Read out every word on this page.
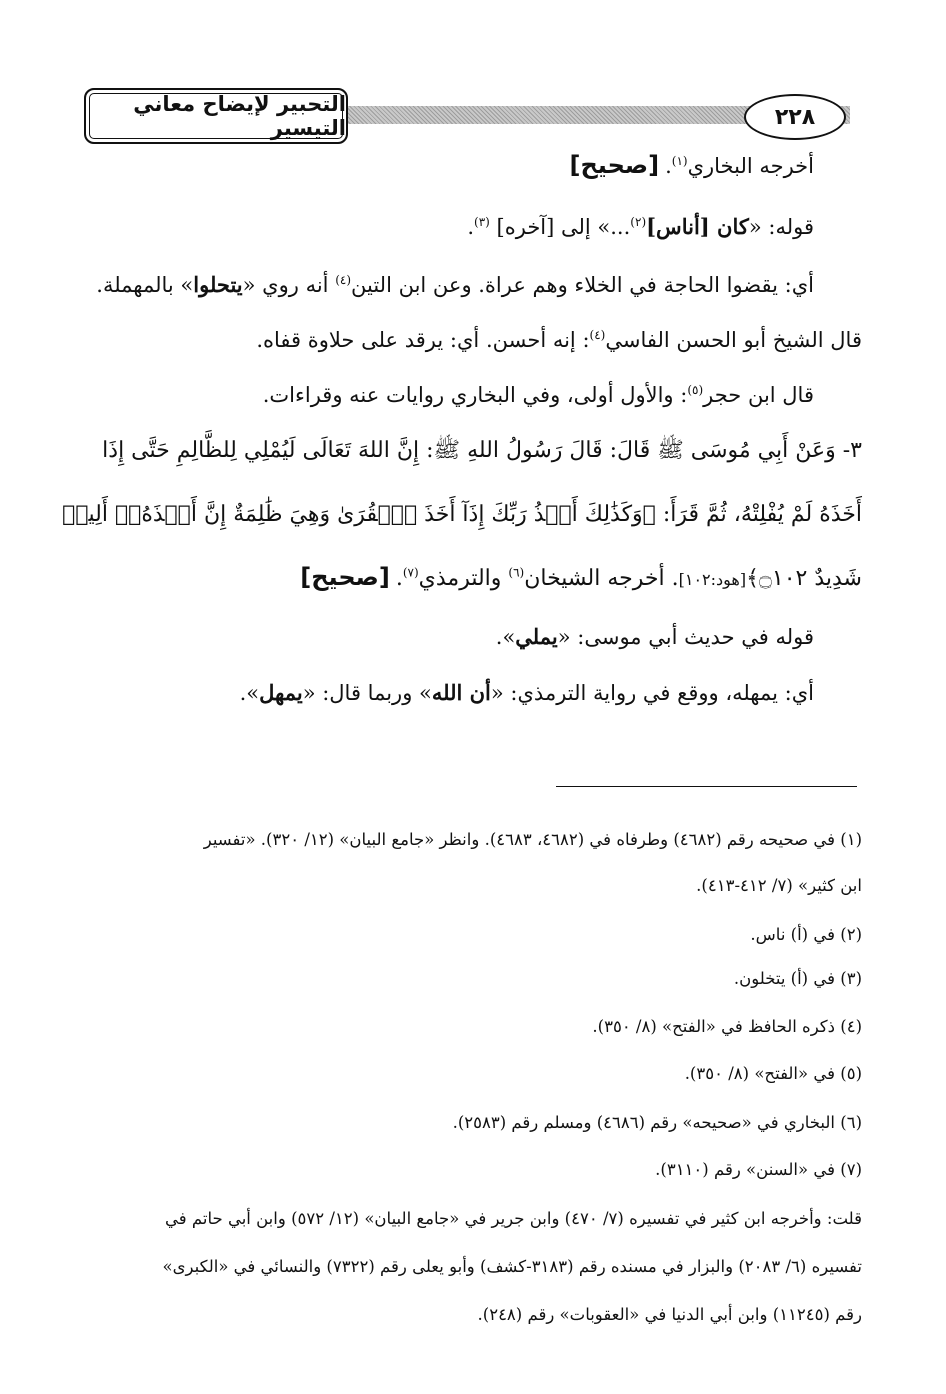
التحبير لإيضاح معاني التيسير	٢٢٨
أخرجه البخاري$^{(١)}$.[صحيح]
قوله: «كان [أناس]$^{(٢)}$...» إلى [آخره] $^{(٣)}$.
أي: يقضوا الحاجة في الخلاء وهم عراة. وعن ابن التين$^{(٤)}$ أنه روي «يتحلوا» بالمهملة.
قال الشيخ أبو الحسن الفاسي$^{(٤)}$: إنه أحسن. أي: يرقد على حلاوة قفاه.
قال ابن حجر$^{(٥)}$: والأول أولى، وفي البخاري روايات عنه وقراءات.
٣- وَعَنْ أَبِي مُوسَى ﷺ قَالَ: قَالَ رَسُولُ اللهِ ﷺ: إِنَّ اللهَ تَعَالَى لَيُمْلِي لِلظَّالِمِ حَتَّى إِذَا
أَخَذَهُ لَمْ يُفْلِتْهُ، ثُمَّ قَرَأَ: ﴿وَكَذَٰلِكَ أَخۡذُ رَبِّكَ إِذَآ أَخَذَ ٱلۡقُرَىٰ وَهِيَ ظَٰلِمَةٌ إِنَّ أَخۡذَهُۥٓ أَلِيمٞ
شَدِيدٌ ۝١٠٢﴾[هود:١٠٢]. أخرجه الشيخان$^{(٦)}$ والترمذي$^{(٧)}$.[صحيح]
قوله في حديث أبي موسى: «يملي».
أي: يمهله، ووقع في رواية الترمذي: «أن الله» وربما قال: «يمهل».
(١) في صحيحه رقم (٤٦٨٢) وطرفاه في (٤٦٨٢، ٤٦٨٣). وانظر «جامع البيان» (١٢/ ٣٢٠). «تفسير
ابن كثير» (٧/ ٤١٢-٤١٣).
(٢) في (أ) ناس.
(٣) في (أ) يتخلون.
(٤) ذكره الحافظ في «الفتح» (٨/ ٣٥٠).
(٥) في «الفتح» (٨/ ٣٥٠).
(٦) البخاري في «صحيحه» رقم (٤٦٨٦) ومسلم رقم (٢٥٨٣).
(٧) في «السنن» رقم (٣١١٠).
قلت: وأخرجه ابن كثير في تفسيره (٧/ ٤٧٠) وابن جرير في «جامع البيان» (١٢/ ٥٧٢) وابن أبي حاتم في
تفسيره (٦/ ٢٠٨٣) والبزار في مسنده رقم (٣١٨٣-كشف) وأبو يعلى رقم (٧٣٢٢) والنسائي في «الكبرى»
رقم (١١٢٤٥) وابن أبي الدنيا في «العقوبات» رقم (٢٤٨).
